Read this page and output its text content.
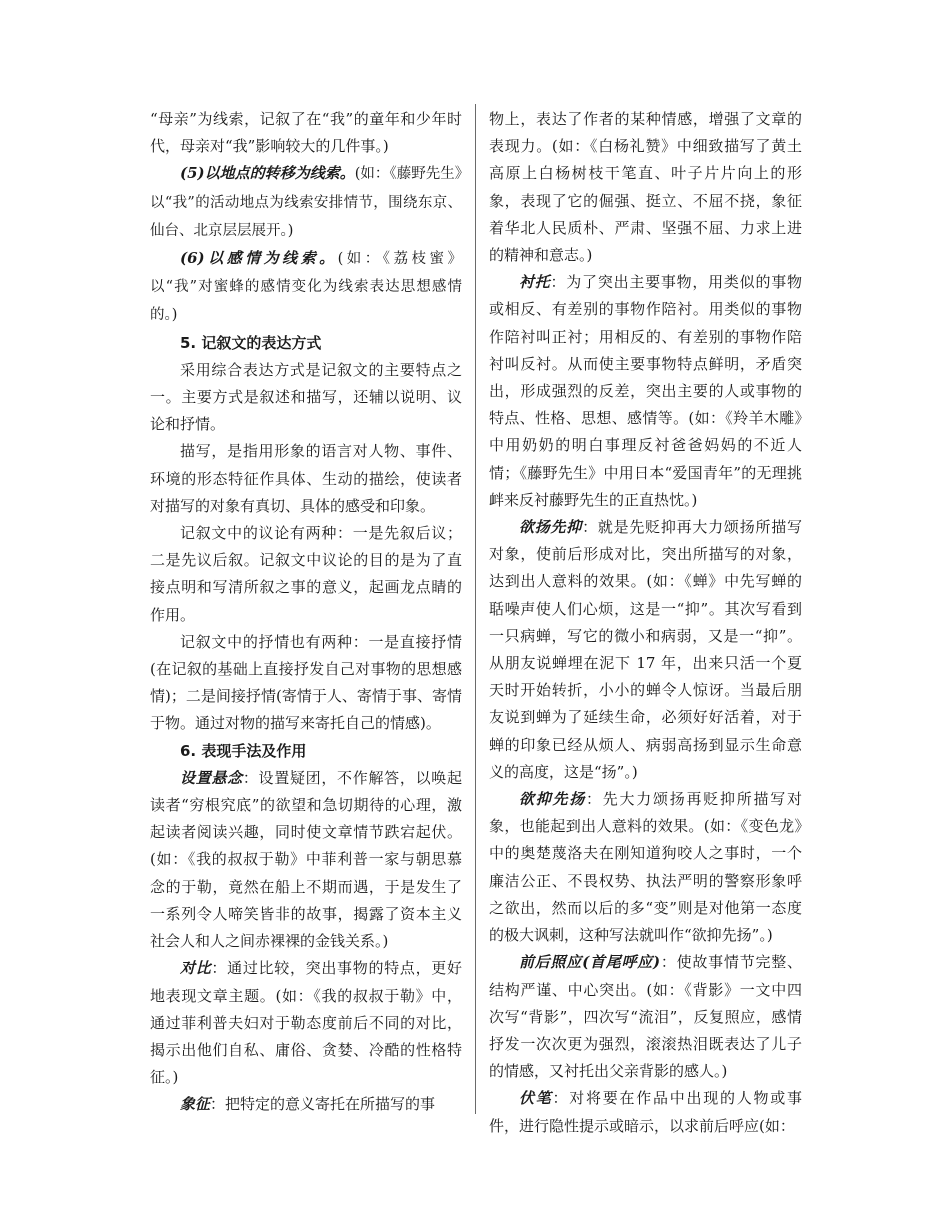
“母亲”为线索，记叙了在“我”的童年和少年时代，母亲对“我”影响较大的几件事。)

(5)以地点的转移为线索。(如：《藤野先生》以“我”的活动地点为线索安排情节，围绕东京、仙台、北京层层展开。)

(6)以感情为线索。(如：《荔枝蜜》以“我”对蜜蜂的感情变化为线索表达思想感情的。)

5. 记叙文的表达方式

采用综合表达方式是记叙文的主要特点之一。主要方式是叙述和描写，还辅以说明、议论和抒情。

描写，是指用形象的语言对人物、事件、环境的形态特征作具体、生动的描绘，使读者对描写的对象有真切、具体的感受和印象。

记叙文中的议论有两种：一是先叙后议；二是先议后叙。记叙文中议论的目的是为了直接点明和写清所叙之事的意义，起画龙点睛的作用。

记叙文中的抒情也有两种：一是直接抒情(在记叙的基础上直接抒发自己对事物的思想感情)；二是间接抒情(寄情于人、寄情于事、寄情于物。通过对物的描写来寄托自己的情感)。

6. 表现手法及作用

设置悬念：设置疑团，不作解答，以唤起读者“穷根究底”的欲望和急切期待的心理，激起读者阅读兴趣，同时使文章情节跌宕起伏。(如：《我的叔叔于勒》中菲利普一家与朝思慕念的于勒，竟然在船上不期而遇，于是发生了一系列令人啼笑皆非的故事，揭露了资本主义社会人和人之间赤裸裸的金钱关系。)

对比：通过比较，突出事物的特点，更好地表现文章主题。(如：《我的叔叔于勒》中，通过菲利普夫妇对于勒态度前后不同的对比，揭示出他们自私、庸俗、贪婪、冷酷的性格特征。)

象征：把特定的意义寄托在所描写的事

物上，表达了作者的某种情感，增强了文章的表现力。(如：《白杨礼赞》中细致描写了黄土高原上白杨树枝干笔直、叶子片片向上的形象，表现了它的倔强、挺立、不屈不挠，象征着华北人民质朴、严肃、坚强不屈、力求上进的精神和意志。)

衬托：为了突出主要事物，用类似的事物或相反、有差别的事物作陪衬。用类似的事物作陪衬叫正衬；用相反的、有差别的事物作陪衬叫反衬。从而使主要事物特点鲜明，矛盾突出，形成强烈的反差，突出主要的人或事物的特点、性格、思想、感情等。(如：《羚羊木雕》中用奶奶的明白事理反衬爸爸妈妈的不近人情；《藤野先生》中用日本“爱国青年”的无理挑衅来反衬藤野先生的正直热忱。)

欲扬先抑：就是先贬抑再大力颂扬所描写对象，使前后形成对比，突出所描写的对象，达到出人意料的效果。(如：《蝉》中先写蝉的聒噪声使人们心烦，这是一“抑”。其次写看到一只病蝉，写它的微小和病弱，又是一“抑”。从朋友说蝉埋在泥下 17 年，出来只活一个夏天时开始转折，小小的蝉令人惊讶。当最后朋友说到蝉为了延续生命，必须好好活着，对于蝉的印象已经从烦人、病弱高扬到显示生命意义的高度，这是“扬”。)

欲抑先扬：先大力颂扬再贬抑所描写对象，也能起到出人意料的效果。(如：《变色龙》中的奥楚蔑洛夫在刚知道狗咬人之事时，一个廉洁公正、不畏权势、执法严明的警察形象呼之欲出，然而以后的多“变”则是对他第一态度的极大讽刺，这种写法就叫作“欲抑先扬”。)

前后照应(首尾呼应)：使故事情节完整、结构严谨、中心突出。(如：《背影》一文中四次写“背影”，四次写“流泪”，反复照应，感情抒发一次次更为强烈，滚滚热泪既表达了儿子的情感，又衬托出父亲背影的感人。)

伏笔：对将要在作品中出现的人物或事件，进行隐性提示或暗示，以求前后呼应(如：
